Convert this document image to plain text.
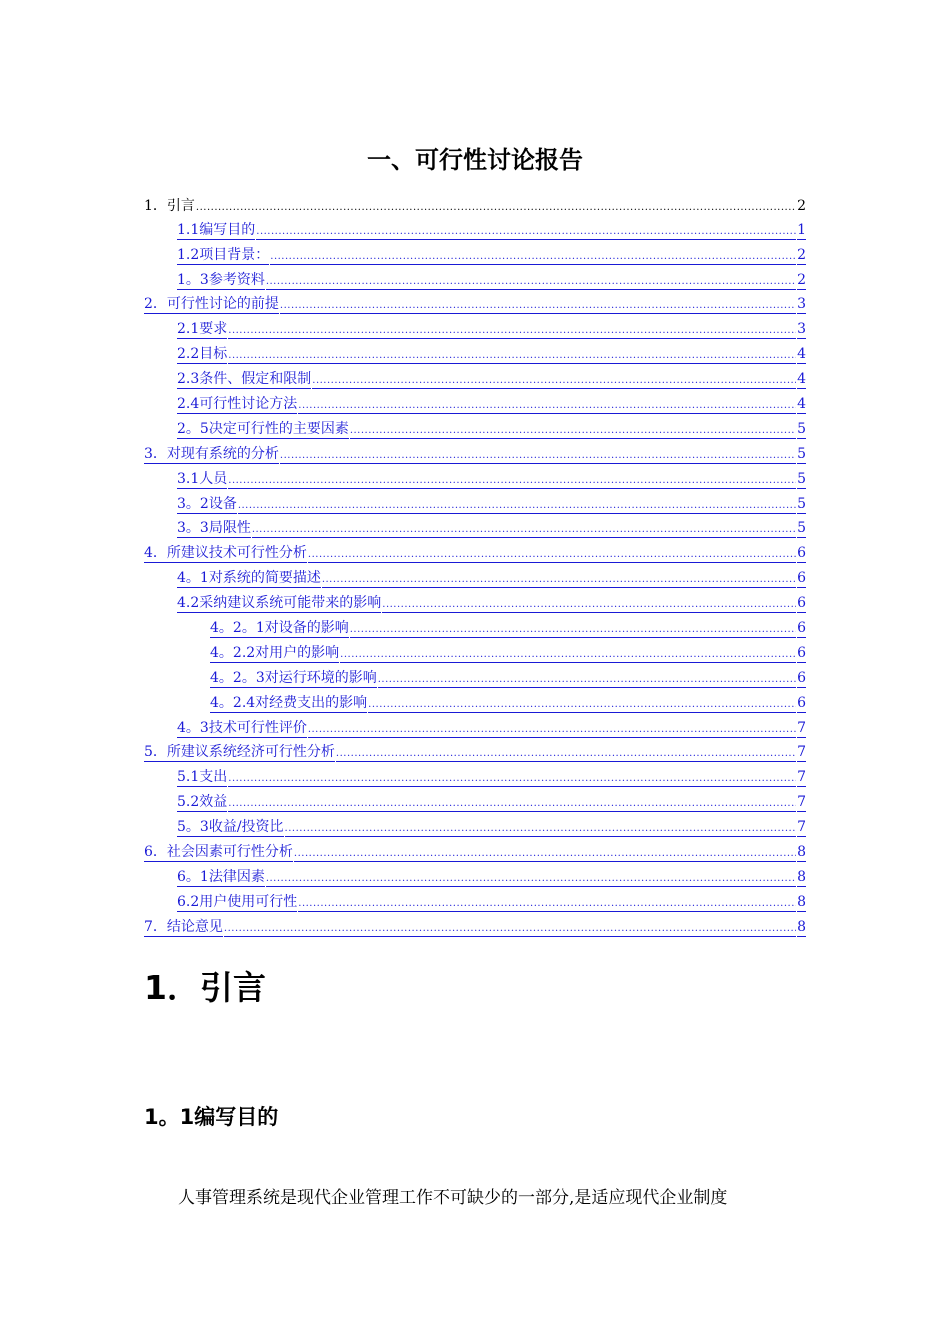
一、可行性讨论报告
1．引言 .....	2
1.1编写目的 .....	1
1.2项目背景： .....	2
1。3参考资料 .....	2
2．可行性讨论的前提 .....	3
2.1要求 .....	3
2.2目标 .....	4
2.3条件、假定和限制 .....	4
2.4可行性讨论方法 .....	4
2。5决定可行性的主要因素 .....	5
3．对现有系统的分析 .....	5
3.1人员 .....	5
3。2设备 .....	5
3。3局限性 .....	5
4．所建议技术可行性分析 .....	6
4。1对系统的简要描述 .....	6
4.2采纳建议系统可能带来的影响 .....	6
4。2。1对设备的影响 .....	6
4。2.2对用户的影响 .....	6
4。2。3对运行环境的影响 .....	6
4。2.4对经费支出的影响 .....	6
4。3技术可行性评价 .....	7
5．所建议系统经济可行性分析 .....	7
5.1支出 .....	7
5.2效益 .....	7
5。3收益/投资比 .....	7
6．社会因素可行性分析 .....	8
6。1法律因素 .....	8
6.2用户使用可行性 .....	8
7．结论意见 .....	8
1．引言
1。1编写目的
人事管理系统是现代企业管理工作不可缺少的一部分,是适应现代企业制度
